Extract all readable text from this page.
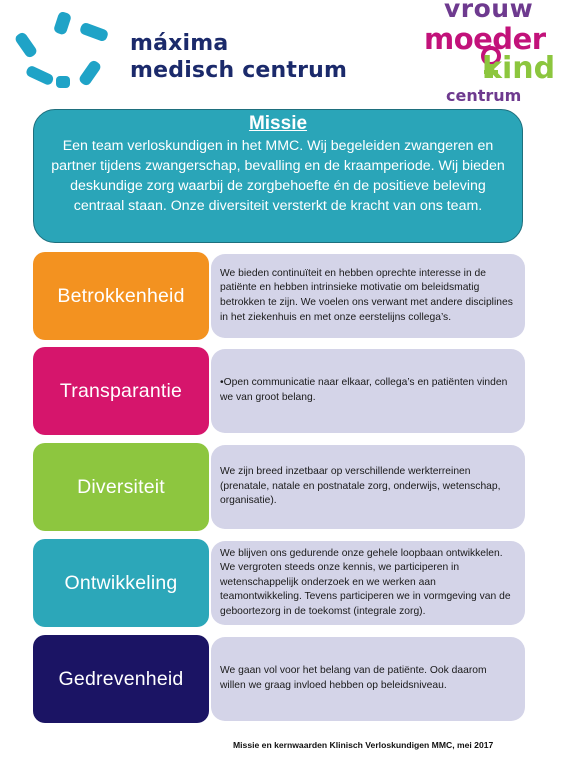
máxima
medisch centrum
vrouw
moeder
kind
centrum
Missie
Een team verloskundigen in het MMC. Wij begeleiden zwangeren en partner tijdens zwangerschap, bevalling en de kraamperiode. Wij bieden deskundige zorg waarbij de zorgbehoefte én de positieve beleving centraal staan. Onze diversiteit versterkt de kracht van ons team.
Betrokkenheid
We bieden continuïteit en hebben oprechte interesse in de patiënte en hebben intrinsieke motivatie om beleidsmatig betrokken te zijn. We voelen ons verwant met andere disciplines in het ziekenhuis en met onze eerstelijns collega’s.
Transparantie	•Open communicatie naar elkaar, collega’s en patiënten vinden we van groot belang.
Diversiteit
We zijn breed inzetbaar op verschillende werkterreinen (prenatale, natale en postnatale zorg, onderwijs, wetenschap, organisatie).
Ontwikkeling
We blijven ons gedurende onze gehele loopbaan ontwikkelen. We vergroten steeds onze kennis, we participeren in wetenschappelijk onderzoek en we werken aan teamontwikkeling. Tevens participeren we in vormgeving van de geboortezorg in de toekomst (integrale zorg).
Gedrevenheid	We gaan vol voor het belang van de patiënte. Ook daarom willen we graag invloed hebben op beleidsniveau.
Missie en kernwaarden Klinisch Verloskundigen MMC, mei 2017
